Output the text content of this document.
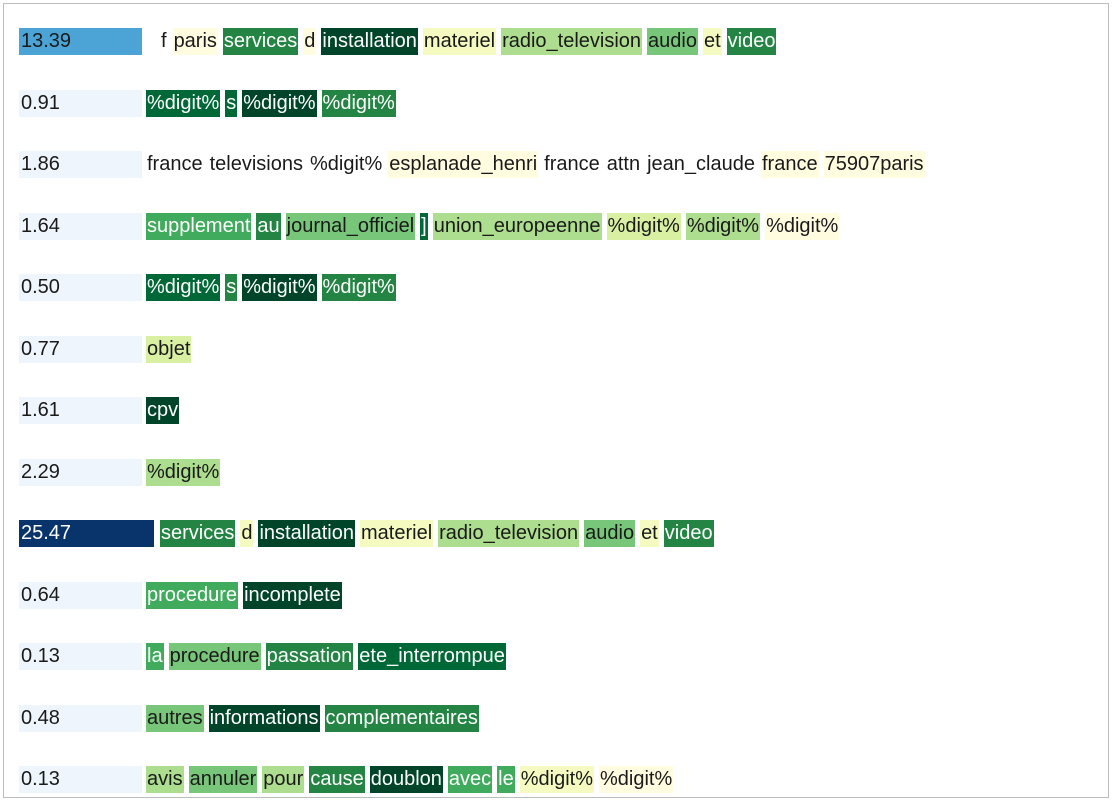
13.39	f paris services d installation materiel radio_television audio et video
0.91	%digit% s %digit% %digit%
1.86	france televisions %digit% esplanade_henri france attn jean_claude france 75907paris
1.64	supplement au journal_officiel ] union_europeenne %digit% %digit% %digit%
0.50	%digit% s %digit% %digit%
0.77	objet
1.61	cpv
2.29	%digit%
25.47	services d installation materiel radio_television audio et video
0.64	procedure incomplete
0.13	la procedure passation ete_interrompue
0.48	autres informations complementaires
0.13	avis annuler pour cause doublon avec le %digit% %digit%
